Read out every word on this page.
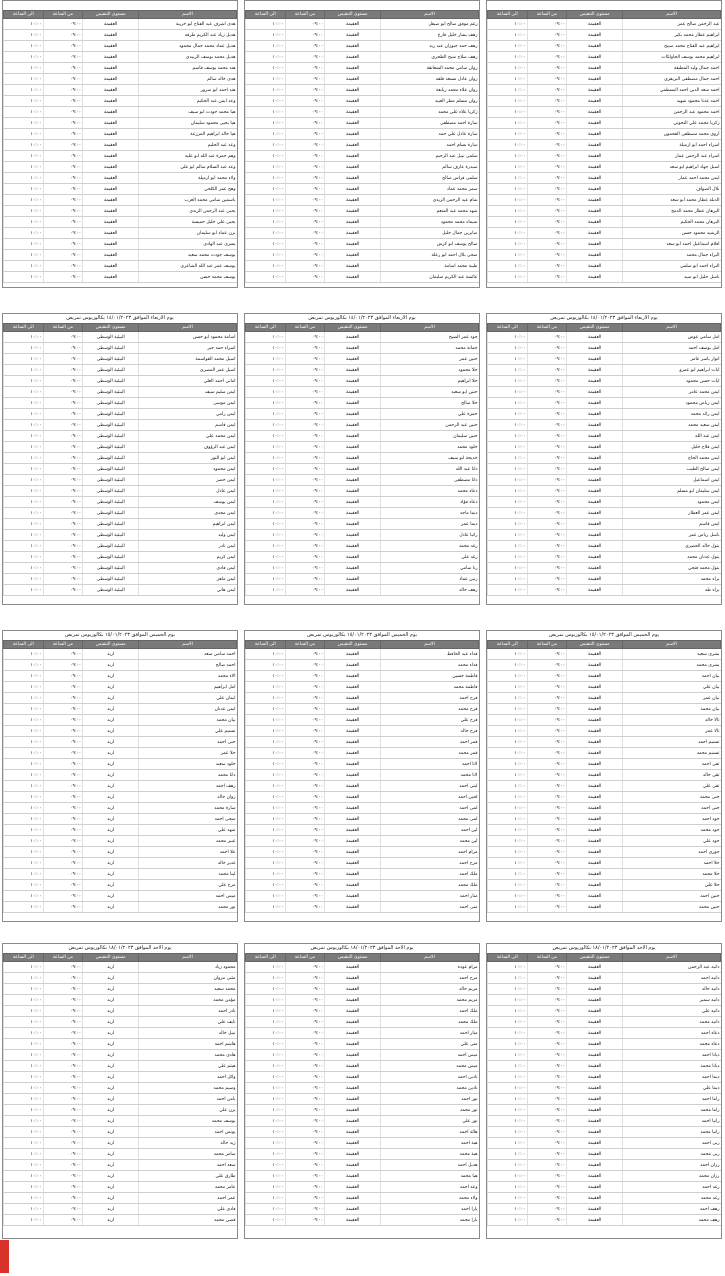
الى الساعة	من الساعة	مستوى التنقيس	الاسم
١٠:٠٠	٠٩:٠٠	العقيمة	عبد الرحمن صالح عمر
١٠:٠٠	٠٩:٠٠	العقيمة	ابراهيم عطار محمد بكير
١٠:٠٠	٠٩:٠٠	العقيمة	ابراهيم عبد الفتاح محمد صبيح
١٠:٠٠	٠٩:٠٠	العقيمة	ابراهيم محمد يوسف الجاولكات
١٠:٠٠	٠٩:٠٠	العقيمة	احمد جمال وليد المطيقة
١٠:٠٠	٠٩:٠٠	العقيمة	احمد جمال مصطفى البريقزي
١٠:٠٠	٠٩:٠٠	العقيمة	احمد سعد الدين احمد البسطمي
١٠:٠٠	٠٩:٠٠	العقيمة	احمد عدنا محمود شهيد
١٠:٠٠	٠٩:٠٠	العقيمة	احمد محمود عبد الرحمن
١٠:٠٠	٠٩:٠٠	العقيمة	زكريا محمد علي النحوتي
١٠:٠٠	٠٩:٠٠	العقيمة	اروي محمد مصطفى الفحمون
١٠:٠٠	٠٩:٠٠	العقيمة	اسراء احمد ابو ارميلة
١٠:٠٠	٠٩:٠٠	العقيمة	اسراء عبد الرحمن عمار
١٠:٠٠	٠٩:٠٠	العقيمة	اسيل جهاد ابراهيم ابو سعد
١٠:٠٠	٠٩:٠٠	العقيمة	ايمن محمد احمد عمار
١٠:٠٠	٠٩:٠٠	العقيمة	بلال الصواف
١٠:٠٠	٠٩:٠٠	العقيمة	الدبله عطار محمد ابو سعد
١٠:٠٠	٠٩:٠٠	العقيمة	البرهان عطار محمد الدمج
١٠:٠٠	٠٩:٠٠	العقيمة	البرهان محمد الحكيم
١٠:٠٠	٠٩:٠٠	العقيمة	الرشيد محمود حسن
١٠:٠٠	٠٩:٠٠	العقيمة	افلام اسماعيل احمد ابو سعد
١٠:٠٠	٠٩:٠٠	العقيمة	البراء جمال محمد
١٠:٠٠	٠٩:٠٠	العقيمة	البراء احمد ابو سلمي
١٠:٠٠	٠٩:٠٠	العقيمة	باسل خليل ابو سيد
الى الساعة	من الساعة	مستوى التنقيس	الاسم
١٠:٠٠	٠٩:٠٠	العقيمة	رغم موفق صالح ابو صيقل
١٠:٠٠	٠٩:٠٠	العقيمة	رهف بشار خليل فارع
١٠:٠٠	٠٩:٠٠	العقيمة	رهف حمد جيوزان عبد ربه
١٠:٠٠	٠٩:٠٠	العقيمة	رهف صلاح شيخ الظحري
١٠:٠٠	٠٩:٠٠	العقيمة	روان سامي محمد الشعانقة
١٠:٠٠	٠٩:٠٠	العقيمة	روان عادل مسعد قلقه
١٠:٠٠	٠٩:٠٠	العقيمة	روان علاء محمد ربايعة
١٠:٠٠	٠٩:٠٠	العقيمة	روان مسلم مطر العبيد
١٠:٠٠	٠٩:٠٠	العقيمة	زكريا علاء علي محمد
١٠:٠٠	٠٩:٠٠	العقيمة	سارة احمد مصطفى
١٠:٠٠	٠٩:٠٠	العقيمة	سارة عادل علي حمد
١٠:٠٠	٠٩:٠٠	العقيمة	سارة بسام احمد
١٠:٠٠	٠٩:٠٠	العقيمة	سلمى نبيل عبد الرحيم
١٠:٠٠	٠٩:٠٠	العقيمة	سيدرة عارف سالم
١٠:٠٠	٠٩:٠٠	العقيمة	سلمى فراس صالح
١٠:٠٠	٠٩:٠٠	العقيمة	سمر محمد عماد
١٠:٠٠	٠٩:٠٠	العقيمة	شام عبد الرحمن الزيدي
١٠:٠٠	٠٩:٠٠	العقيمة	شهد محمد عبد المنعم
١٠:٠٠	٠٩:٠٠	العقيمة	شيماء محمد محمود
١٠:٠٠	٠٩:٠٠	العقيمة	صابرين جمال خليل
١٠:٠٠	٠٩:٠٠	العقيمة	صالح يوسف ابو كرش
١٠:٠٠	٠٩:٠٠	العقيمة	ضحى بلال احمد ابو رعلة
١٠:٠٠	٠٩:٠٠	العقيمة	طيبة محمد اسامة
١٠:٠٠	٠٩:٠٠	العقيمة	عائشة عبد الكريم سليمان
الى الساعة	من الساعة	مستوى التنقيس	الاسم
١٠:٠٠	٠٩:٠٠	العقيمة	هدى اشرف عبد الفتاح ابو خريبة
١٠:٠٠	٠٩:٠٠	العقيمة	هديل زياد عبد الكريم طرقه
١٠:٠٠	٠٩:٠٠	العقيمة	هديل عماد محمد جمال محمود
١٠:٠٠	٠٩:٠٠	العقيمة	هديل محمد يوسف الزبيدي
١٠:٠٠	٠٩:٠٠	العقيمة	هند محمد يوسف قاسم
١٠:٠٠	٠٩:٠٠	العقيمة	هدى خالد سالم
١٠:٠٠	٠٩:٠٠	العقيمة	هند احمد ابو سرور
١٠:٠٠	٠٩:٠٠	العقيمة	وعد ايمن عبد الحكيم
١٠:٠٠	٠٩:٠٠	العقيمة	هيا محمد جودت ابو سيف
١٠:٠٠	٠٩:٠٠	العقيمة	هيا يحيى محمود سليمان
١٠:٠٠	٠٩:٠٠	العقيمة	هيا خالد ابراهيم المرزعة
١٠:٠٠	٠٩:٠٠	العقيمة	وعد عبد الحليم
١٠:٠٠	٠٩:٠٠	العقيمة	وهم حمزة عبد الله ابو عليه
١٠:٠٠	٠٩:٠٠	العقيمة	وعد عبد السلام سالم ابو علي
١٠:٠٠	٠٩:٠٠	العقيمة	ولاء محمد ابو ارميلة
١٠:٠٠	٠٩:٠٠	العقيمة	وهج عمر الكلحي
١٠:٠٠	٠٩:٠٠	العقيمة	ياسمين سامي محمد العرب
١٠:٠٠	٠٩:٠٠	العقيمة	يحيى عبد الرحمن الزيدي
١٠:٠٠	٠٩:٠٠	العقيمة	يحيى علي خليل خميسة
١٠:٠٠	٠٩:٠٠	العقيمة	يزن عماد ابو سليمان
١٠:٠٠	٠٩:٠٠	العقيمة	يسرى عبد الهادي
١٠:٠٠	٠٩:٠٠	العقيمة	يوسف جودت محمد سعيد
١٠:٠٠	٠٩:٠٠	العقيمة	يوسف عمر عبد الله الشاعري
١٠:٠٠	٠٩:٠٠	العقيمة	يوسف محمد حسن
يوم الاربعاء الموافق ١٤/٠١/٢٠٢٣ بكالوريوس تمريض
الى الساعة	من الساعة	مستوى التنقيس	الاسم
١٠:٠٠	٠٩:٠٠	العقيمة	امل سامي عوض
١٠:٠٠	٠٩:٠٠	العقيمة	امل يوسف احمد
١٠:٠٠	٠٩:٠٠	العقيمة	انوار ياسر عامر
١٠:٠٠	٠٩:٠٠	العقيمة	ايات ابراهيم ابو عمرو
١٠:٠٠	٠٩:٠٠	العقيمة	ايات حسن محمود
١٠:٠٠	٠٩:٠٠	العقيمة	ايمن محمد عامر
١٠:٠٠	٠٩:٠٠	العقيمة	ايمن رياض محمود
١٠:٠٠	٠٩:٠٠	العقيمة	ايمن رائد محمد
١٠:٠٠	٠٩:٠٠	العقيمة	ايمن سعيد محمد
١٠:٠٠	٠٩:٠٠	العقيمة	ايمن عبد الله
١٠:٠٠	٠٩:٠٠	العقيمة	ايمن فلاح خليل
١٠:٠٠	٠٩:٠٠	العقيمة	ايمن محمد الحاج
١٠:٠٠	٠٩:٠٠	العقيمة	ايمن صالح الطيب
١٠:٠٠	٠٩:٠٠	العقيمة	ايمن اسماعيل
١٠:٠٠	٠٩:٠٠	العقيمة	ايمن سليمان ابو مسلم
١٠:٠٠	٠٩:٠٠	العقيمة	ايمن محمود
١٠:٠٠	٠٩:٠٠	العقيمة	ايمن عمر العطار
١٠:٠٠	٠٩:٠٠	العقيمة	ايمن قاسم
١٠:٠٠	٠٩:٠٠	العقيمة	باسل رياض عمر
١٠:٠٠	٠٩:٠٠	العقيمة	بتول خالد الحصري
١٠:٠٠	٠٩:٠٠	العقيمة	بتول عدنان محمد
١٠:٠٠	٠٩:٠٠	العقيمة	بتول محمد فتحي
١٠:٠٠	٠٩:٠٠	العقيمة	براء محمد
١٠:٠٠	٠٩:٠٠	العقيمة	براء طه
يوم الاربعاء الموافق ١٤/٠١/٢٠٢٣ بكالوريوس تمريض
الى الساعة	من الساعة	مستوى التنقيس	الاسم
١٠:٠٠	٠٩:٠٠	العقيمة	جود عمر الشيخ
١٠:٠٠	٠٩:٠٠	العقيمة	جمانة محمد
١٠:٠٠	٠٩:٠٠	العقيمة	حنين عمر
١٠:٠٠	٠٩:٠٠	العقيمة	حلا محمود
١٠:٠٠	٠٩:٠٠	العقيمة	حلا ابراهيم
١٠:٠٠	٠٩:٠٠	العقيمة	حنين ابو سعيد
١٠:٠٠	٠٩:٠٠	العقيمة	حلا صالح
١٠:٠٠	٠٩:٠٠	العقيمة	حمزة علي
١٠:٠٠	٠٩:٠٠	العقيمة	حنين عبد الرحمن
١٠:٠٠	٠٩:٠٠	العقيمة	حنين سليمان
١٠:٠٠	٠٩:٠٠	العقيمة	خلود محمد
١٠:٠٠	٠٩:٠٠	العقيمة	خديجة ابو سيف
١٠:٠٠	٠٩:٠٠	العقيمة	دانا عبد الله
١٠:٠٠	٠٩:٠٠	العقيمة	دانا مصطفى
١٠:٠٠	٠٩:٠٠	العقيمة	دعاء محمد
١٠:٠٠	٠٩:٠٠	العقيمة	دعاء فؤاد
١٠:٠٠	٠٩:٠٠	العقيمة	ديما ماجد
١٠:٠٠	٠٩:٠٠	العقيمة	ديما عمر
١٠:٠٠	٠٩:٠٠	العقيمة	رانيا عادل
١٠:٠٠	٠٩:٠٠	العقيمة	رغد محمد
١٠:٠٠	٠٩:٠٠	العقيمة	رغد علي
١٠:٠٠	٠٩:٠٠	العقيمة	رنا سامي
١٠:٠٠	٠٩:٠٠	العقيمة	رنين عماد
١٠:٠٠	٠٩:٠٠	العقيمة	رهف خالد
يوم الاربعاء الموافق ١٤/٠١/٢٠٢٣ بكالوريوس تمريض
الى الساعة	من الساعة	مستوى التنقيس	الاسم
١٠:٠٠	٠٩:٠٠	البيئية الوسطى	اسامة محمود ابو حسن
١٠:٠٠	٠٩:٠٠	البيئية الوسطى	اسراء حمد جبر
١٠:٠٠	٠٩:٠٠	البيئية الوسطى	اسيل محمد القواسمة
١٠:٠٠	٠٩:٠٠	البيئية الوسطى	اسيل عمر المصري
١٠:٠٠	٠٩:٠٠	البيئية الوسطى	اماني احمد العلي
١٠:٠٠	٠٩:٠٠	البيئية الوسطى	ايمن سليم سيف
١٠:٠٠	٠٩:٠٠	البيئية الوسطى	ايمن موسى
١٠:٠٠	٠٩:٠٠	البيئية الوسطى	ايمن رامي
١٠:٠٠	٠٩:٠٠	البيئية الوسطى	ايمن قاسم
١٠:٠٠	٠٩:٠٠	البيئية الوسطى	ايمن محمد علي
١٠:٠٠	٠٩:٠٠	البيئية الوسطى	ايمن عبد الرؤوف
١٠:٠٠	٠٩:٠٠	البيئية الوسطى	ايمن ابو النور
١٠:٠٠	٠٩:٠٠	البيئية الوسطى	ايمن محمود
١٠:٠٠	٠٩:٠٠	البيئية الوسطى	ايمن خضر
١٠:٠٠	٠٩:٠٠	البيئية الوسطى	ايمن عادل
١٠:٠٠	٠٩:٠٠	البيئية الوسطى	ايمن يوسف
١٠:٠٠	٠٩:٠٠	البيئية الوسطى	ايمن مجدي
١٠:٠٠	٠٩:٠٠	البيئية الوسطى	ايمن ابراهيم
١٠:٠٠	٠٩:٠٠	البيئية الوسطى	ايمن وليد
١٠:٠٠	٠٩:٠٠	البيئية الوسطى	ايمن نادر
١٠:٠٠	٠٩:٠٠	البيئية الوسطى	ايمن كريم
١٠:٠٠	٠٩:٠٠	البيئية الوسطى	ايمن فادي
١٠:٠٠	٠٩:٠٠	البيئية الوسطى	ايمن ماهر
١٠:٠٠	٠٩:٠٠	البيئية الوسطى	ايمن هاني
يوم الخميس الموافق ١٥/٠١/٢٠٢٣ بكالوريوس تمريض
الى الساعة	من الساعة	مستوى التنقيس	الاسم
١٠:٠٠	٠٩:٠٠	العقيمة	بشرى سعيد
١٠:٠٠	٠٩:٠٠	العقيمة	بشرى محمد
١٠:٠٠	٠٩:٠٠	العقيمة	بيان احمد
١٠:٠٠	٠٩:٠٠	العقيمة	بيان علي
١٠:٠٠	٠٩:٠٠	العقيمة	بيان عمر
١٠:٠٠	٠٩:٠٠	العقيمة	بيان محمد
١٠:٠٠	٠٩:٠٠	العقيمة	تالا خالد
١٠:٠٠	٠٩:٠٠	العقيمة	تالا عمر
١٠:٠٠	٠٩:٠٠	العقيمة	تسنيم احمد
١٠:٠٠	٠٩:٠٠	العقيمة	تسنيم محمد
١٠:٠٠	٠٩:٠٠	العقيمة	تقى احمد
١٠:٠٠	٠٩:٠٠	العقيمة	تقى خالد
١٠:٠٠	٠٩:٠٠	العقيمة	تقى علي
١٠:٠٠	٠٩:٠٠	العقيمة	جنى محمد
١٠:٠٠	٠٩:٠٠	العقيمة	جنى احمد
١٠:٠٠	٠٩:٠٠	العقيمة	جود احمد
١٠:٠٠	٠٩:٠٠	العقيمة	جود محمد
١٠:٠٠	٠٩:٠٠	العقيمة	جود علي
١٠:٠٠	٠٩:٠٠	العقيمة	جوري احمد
١٠:٠٠	٠٩:٠٠	العقيمة	حلا احمد
١٠:٠٠	٠٩:٠٠	العقيمة	حلا محمد
١٠:٠٠	٠٩:٠٠	العقيمة	حلا علي
١٠:٠٠	٠٩:٠٠	العقيمة	حنين احمد
١٠:٠٠	٠٩:٠٠	العقيمة	حنين محمد
يوم الخميس الموافق ١٥/٠١/٢٠٢٣ بكالوريوس تمريض
الى الساعة	من الساعة	مستوى التنقيس	الاسم
١٠:٠٠	٠٩:٠٠	العقيمة	فداء عبد الحافظ
١٠:٠٠	٠٩:٠٠	العقيمة	فداء محمد
١٠:٠٠	٠٩:٠٠	العقيمة	فاطمة حسين
١٠:٠٠	٠٩:٠٠	العقيمة	فاطمة محمد
١٠:٠٠	٠٩:٠٠	العقيمة	فرح احمد
١٠:٠٠	٠٩:٠٠	العقيمة	فرح محمد
١٠:٠٠	٠٩:٠٠	العقيمة	فرح علي
١٠:٠٠	٠٩:٠٠	العقيمة	فرح خالد
١٠:٠٠	٠٩:٠٠	العقيمة	قمر احمد
١٠:٠٠	٠٩:٠٠	العقيمة	قمر محمد
١٠:٠٠	٠٩:٠٠	العقيمة	لانا احمد
١٠:٠٠	٠٩:٠٠	العقيمة	لانا محمد
١٠:٠٠	٠٩:٠٠	العقيمة	لبنى احمد
١٠:٠٠	٠٩:٠٠	العقيمة	لجين احمد
١٠:٠٠	٠٩:٠٠	العقيمة	لمى احمد
١٠:٠٠	٠٩:٠٠	العقيمة	لمى محمد
١٠:٠٠	٠٩:٠٠	العقيمة	لين احمد
١٠:٠٠	٠٩:٠٠	العقيمة	لين محمد
١٠:٠٠	٠٩:٠٠	العقيمة	مرام احمد
١٠:٠٠	٠٩:٠٠	العقيمة	مرح احمد
١٠:٠٠	٠٩:٠٠	العقيمة	ملك احمد
١٠:٠٠	٠٩:٠٠	العقيمة	ملك محمد
١٠:٠٠	٠٩:٠٠	العقيمة	منار احمد
١٠:٠٠	٠٩:٠٠	العقيمة	منى احمد
يوم الخميس الموافق ١٥/٠١/٢٠٢٣ بكالوريوس تمريض
الى الساعة	من الساعة	مستوى التنقيس	الاسم
١٠:٠٠	٠٩:٠٠	اربد	احمد سامي سعد
١٠:٠٠	٠٩:٠٠	اربد	احمد صالح
١٠:٠٠	٠٩:٠٠	اربد	الاء محمد
١٠:٠٠	٠٩:٠٠	اربد	امل ابراهيم
١٠:٠٠	٠٩:٠٠	اربد	ايمان علي
١٠:٠٠	٠٩:٠٠	اربد	ايمن عدنان
١٠:٠٠	٠٩:٠٠	اربد	بيان محمد
١٠:٠٠	٠٩:٠٠	اربد	تسنيم علي
١٠:٠٠	٠٩:٠٠	اربد	جنى احمد
١٠:٠٠	٠٩:٠٠	اربد	حلا عمر
١٠:٠٠	٠٩:٠٠	اربد	خلود سعيد
١٠:٠٠	٠٩:٠٠	اربد	دانا محمد
١٠:٠٠	٠٩:٠٠	اربد	رهف احمد
١٠:٠٠	٠٩:٠٠	اربد	روان خالد
١٠:٠٠	٠٩:٠٠	اربد	سارة محمد
١٠:٠٠	٠٩:٠٠	اربد	سجى احمد
١٠:٠٠	٠٩:٠٠	اربد	شهد علي
١٠:٠٠	٠٩:٠٠	اربد	عبير محمد
١٠:٠٠	٠٩:٠٠	اربد	علا احمد
١٠:٠٠	٠٩:٠٠	اربد	غدير خالد
١٠:٠٠	٠٩:٠٠	اربد	لينا محمد
١٠:٠٠	٠٩:٠٠	اربد	مرح علي
١٠:٠٠	٠٩:٠٠	اربد	ميس احمد
١٠:٠٠	٠٩:٠٠	اربد	نور محمد
يوم الاحد الموافق ١٨/٠١/٢٠٢٣ بكالوريوس تمريض
الى الساعة	من الساعة	مستوى التنقيس	الاسم
١٠:٠٠	٠٩:٠٠	العقيمة	دانيه عبد الرحمن
١٠:٠٠	٠٩:٠٠	العقيمة	دانيه احمد
١٠:٠٠	٠٩:٠٠	العقيمة	دانيه خالد
١٠:٠٠	٠٩:٠٠	العقيمة	دانيه سمير
١٠:٠٠	٠٩:٠٠	العقيمة	دانيه علي
١٠:٠٠	٠٩:٠٠	العقيمة	دانيه محمد
١٠:٠٠	٠٩:٠٠	العقيمة	دعاء احمد
١٠:٠٠	٠٩:٠٠	العقيمة	دعاء محمد
١٠:٠٠	٠٩:٠٠	العقيمة	ديانا احمد
١٠:٠٠	٠٩:٠٠	العقيمة	ديانا محمد
١٠:٠٠	٠٩:٠٠	العقيمة	ديما احمد
١٠:٠٠	٠٩:٠٠	العقيمة	ديما علي
١٠:٠٠	٠٩:٠٠	العقيمة	راما احمد
١٠:٠٠	٠٩:٠٠	العقيمة	راما محمد
١٠:٠٠	٠٩:٠٠	العقيمة	رانيا احمد
١٠:٠٠	٠٩:٠٠	العقيمة	رانيا محمد
١٠:٠٠	٠٩:٠٠	العقيمة	ربى احمد
١٠:٠٠	٠٩:٠٠	العقيمة	ربى محمد
١٠:٠٠	٠٩:٠٠	العقيمة	رزان احمد
١٠:٠٠	٠٩:٠٠	العقيمة	رزان محمد
١٠:٠٠	٠٩:٠٠	العقيمة	رغد احمد
١٠:٠٠	٠٩:٠٠	العقيمة	رغد محمد
١٠:٠٠	٠٩:٠٠	العقيمة	رهف احمد
١٠:٠٠	٠٩:٠٠	العقيمة	رهف محمد
يوم الاحد الموافق ١٨/٠١/٢٠٢٣ بكالوريوس تمريض
الى الساعة	من الساعة	مستوى التنقيس	الاسم
١٠:٠٠	٠٩:٠٠	العقيمة	مرام عوده
١٠:٠٠	٠٩:٠٠	العقيمة	مرح احمد
١٠:٠٠	٠٩:٠٠	العقيمة	مريم خالد
١٠:٠٠	٠٩:٠٠	العقيمة	مريم محمد
١٠:٠٠	٠٩:٠٠	العقيمة	ملك احمد
١٠:٠٠	٠٩:٠٠	العقيمة	ملك محمد
١٠:٠٠	٠٩:٠٠	العقيمة	منار احمد
١٠:٠٠	٠٩:٠٠	العقيمة	منى علي
١٠:٠٠	٠٩:٠٠	العقيمة	ميس احمد
١٠:٠٠	٠٩:٠٠	العقيمة	ميس محمد
١٠:٠٠	٠٩:٠٠	العقيمة	نادين احمد
١٠:٠٠	٠٩:٠٠	العقيمة	نادين محمد
١٠:٠٠	٠٩:٠٠	العقيمة	نور احمد
١٠:٠٠	٠٩:٠٠	العقيمة	نور محمد
١٠:٠٠	٠٩:٠٠	العقيمة	نور علي
١٠:٠٠	٠٩:٠٠	العقيمة	هالة احمد
١٠:٠٠	٠٩:٠٠	العقيمة	هبة احمد
١٠:٠٠	٠٩:٠٠	العقيمة	هبة محمد
١٠:٠٠	٠٩:٠٠	العقيمة	هديل احمد
١٠:٠٠	٠٩:٠٠	العقيمة	هيا محمد
١٠:٠٠	٠٩:٠٠	العقيمة	وعد احمد
١٠:٠٠	٠٩:٠٠	العقيمة	ولاء محمد
١٠:٠٠	٠٩:٠٠	العقيمة	يارا احمد
١٠:٠٠	٠٩:٠٠	العقيمة	يارا محمد
يوم الاحد الموافق ١٨/٠١/٢٠٢٣ بكالوريوس تمريض
الى الساعة	من الساعة	مستوى التنقيس	الاسم
١٠:٠٠	٠٩:٠٠	اربد	محمود زياد
١٠:٠٠	٠٩:٠٠	اربد	مثنى مروان
١٠:٠٠	٠٩:٠٠	اربد	محمد سعيد
١٠:٠٠	٠٩:٠٠	اربد	مؤمن محمد
١٠:٠٠	٠٩:٠٠	اربد	نادر احمد
١٠:٠٠	٠٩:٠٠	اربد	نايف علي
١٠:٠٠	٠٩:٠٠	اربد	نبيل خالد
١٠:٠٠	٠٩:٠٠	اربد	هاشم احمد
١٠:٠٠	٠٩:٠٠	اربد	هادي محمد
١٠:٠٠	٠٩:٠٠	اربد	هيثم علي
١٠:٠٠	٠٩:٠٠	اربد	وائل احمد
١٠:٠٠	٠٩:٠٠	اربد	وسيم محمد
١٠:٠٠	٠٩:٠٠	اربد	يامن احمد
١٠:٠٠	٠٩:٠٠	اربد	يزن علي
١٠:٠٠	٠٩:٠٠	اربد	يوسف محمد
١٠:٠٠	٠٩:٠٠	اربد	يونس احمد
١٠:٠٠	٠٩:٠٠	اربد	زيد خالد
١٠:٠٠	٠٩:٠٠	اربد	سامر محمد
١٠:٠٠	٠٩:٠٠	اربد	سعد احمد
١٠:٠٠	٠٩:٠٠	اربد	طارق علي
١٠:٠٠	٠٩:٠٠	اربد	عامر محمد
١٠:٠٠	٠٩:٠٠	اربد	عمر احمد
١٠:٠٠	٠٩:٠٠	اربد	فادي علي
١٠:٠٠	٠٩:٠٠	اربد	قصي محمد
